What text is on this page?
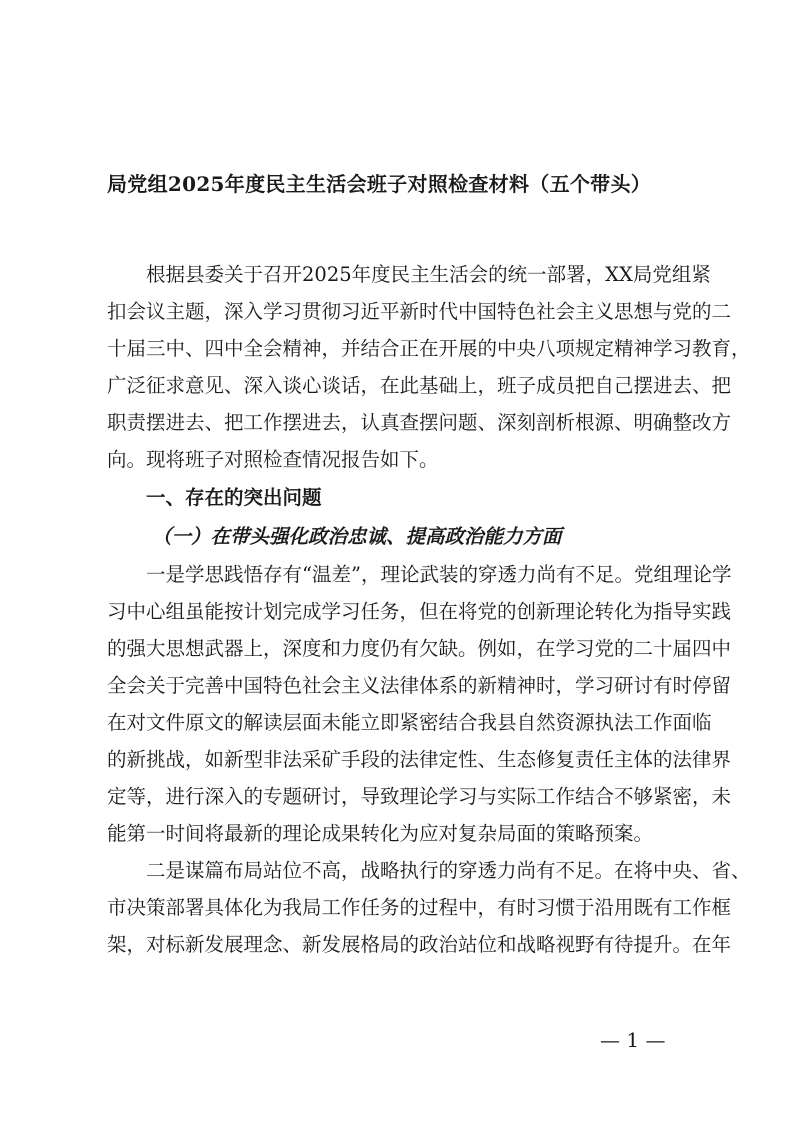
局党组2025年度民主生活会班子对照检查材料（五个带头）
根据县委关于召开2025年度民主生活会的统一部署，XX局党组紧
扣会议主题，深入学习贯彻习近平新时代中国特色社会主义思想与党的二
十届三中、四中全会精神，并结合正在开展的中央八项规定精神学习教育，
广泛征求意见、深入谈心谈话，在此基础上，班子成员把自己摆进去、把
职责摆进去、把工作摆进去，认真查摆问题、深刻剖析根源、明确整改方
向。现将班子对照检查情况报告如下。
一、存在的突出问题
（一）在带头强化政治忠诚、提高政治能力方面
一是学思践悟存有“温差”，理论武装的穿透力尚有不足。党组理论学
习中心组虽能按计划完成学习任务，但在将党的创新理论转化为指导实践
的强大思想武器上，深度和力度仍有欠缺。例如，在学习党的二十届四中
全会关于完善中国特色社会主义法律体系的新精神时，学习研讨有时停留
在对文件原文的解读层面未能立即紧密结合我县自然资源执法工作面临
的新挑战，如新型非法采矿手段的法律定性、生态修复责任主体的法律界
定等，进行深入的专题研讨，导致理论学习与实际工作结合不够紧密，未
能第一时间将最新的理论成果转化为应对复杂局面的策略预案。
二是谋篇布局站位不高，战略执行的穿透力尚有不足。在将中央、省、
市决策部署具体化为我局工作任务的过程中，有时习惯于沿用既有工作框
架，对标新发展理念、新发展格局的政治站位和战略视野有待提升。在年
— 1 —
